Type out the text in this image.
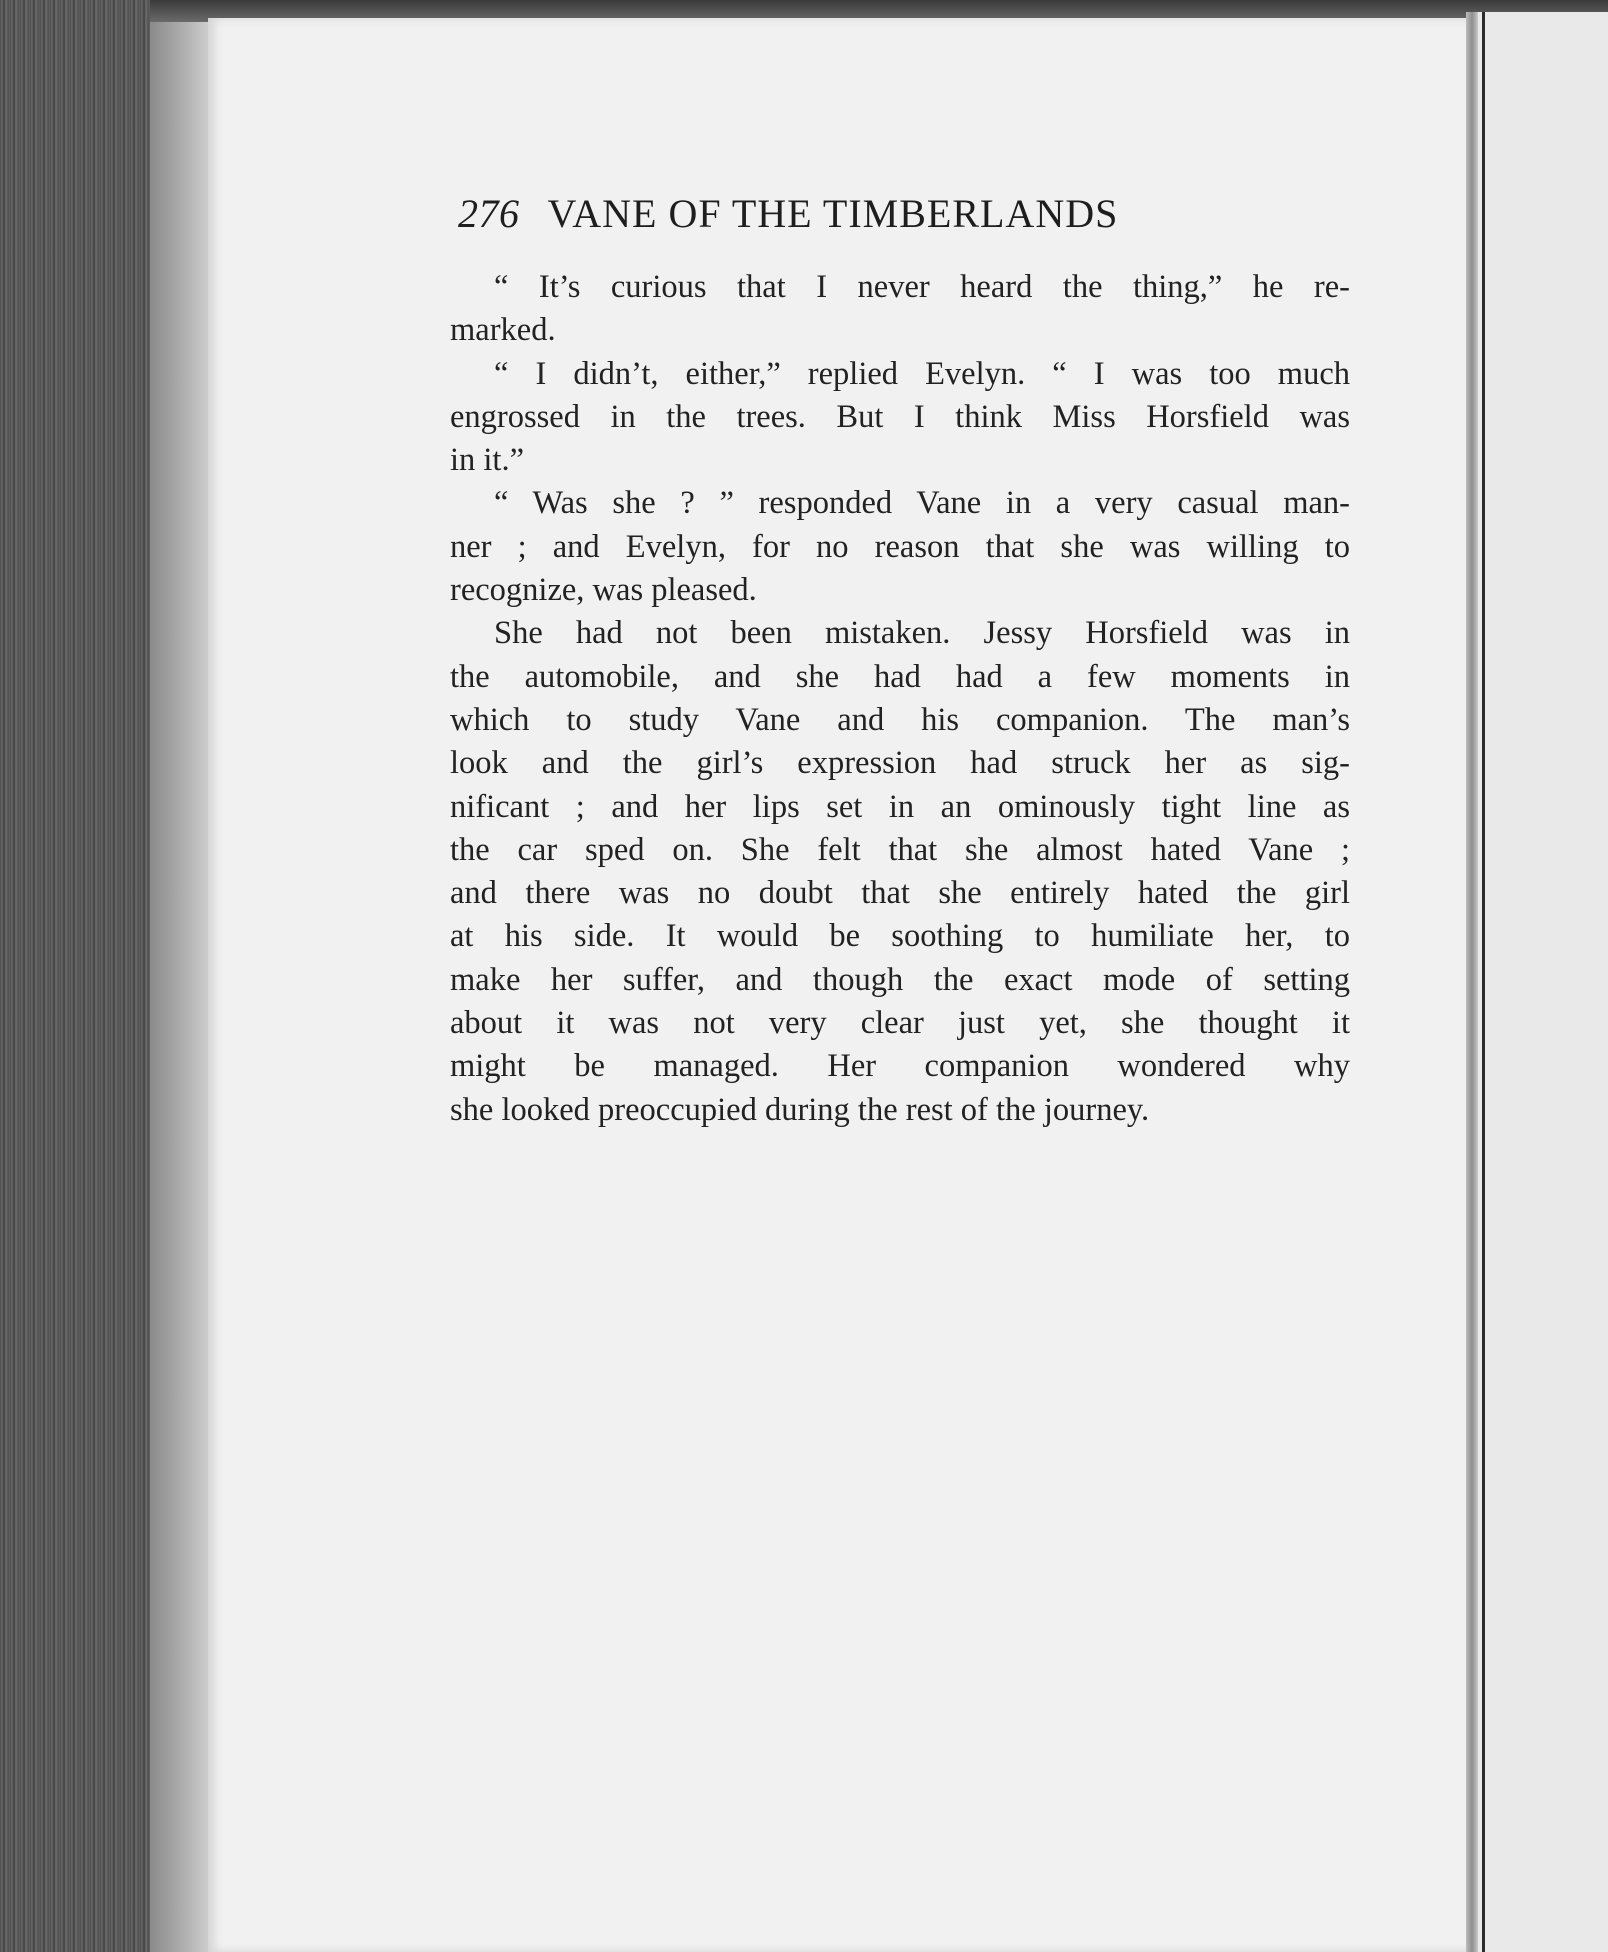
276 VANE OF THE TIMBERLANDS
“ It’s curious that I never heard the thing,” he re-
marked.
“ I didn’t, either,” replied Evelyn. “ I was too much
engrossed in the trees. But I think Miss Horsfield was
in it.”
“ Was she ? ” responded Vane in a very casual man-
ner ; and Evelyn, for no reason that she was willing to
recognize, was pleased.
She had not been mistaken. Jessy Horsfield was in
the automobile, and she had had a few moments in
which to study Vane and his companion. The man’s
look and the girl’s expression had struck her as sig-
nificant ; and her lips set in an ominously tight line as
the car sped on. She felt that she almost hated Vane ;
and there was no doubt that she entirely hated the girl
at his side. It would be soothing to humiliate her, to
make her suffer, and though the exact mode of setting
about it was not very clear just yet, she thought it
might be managed. Her companion wondered why
she looked preoccupied during the rest of the journey.
